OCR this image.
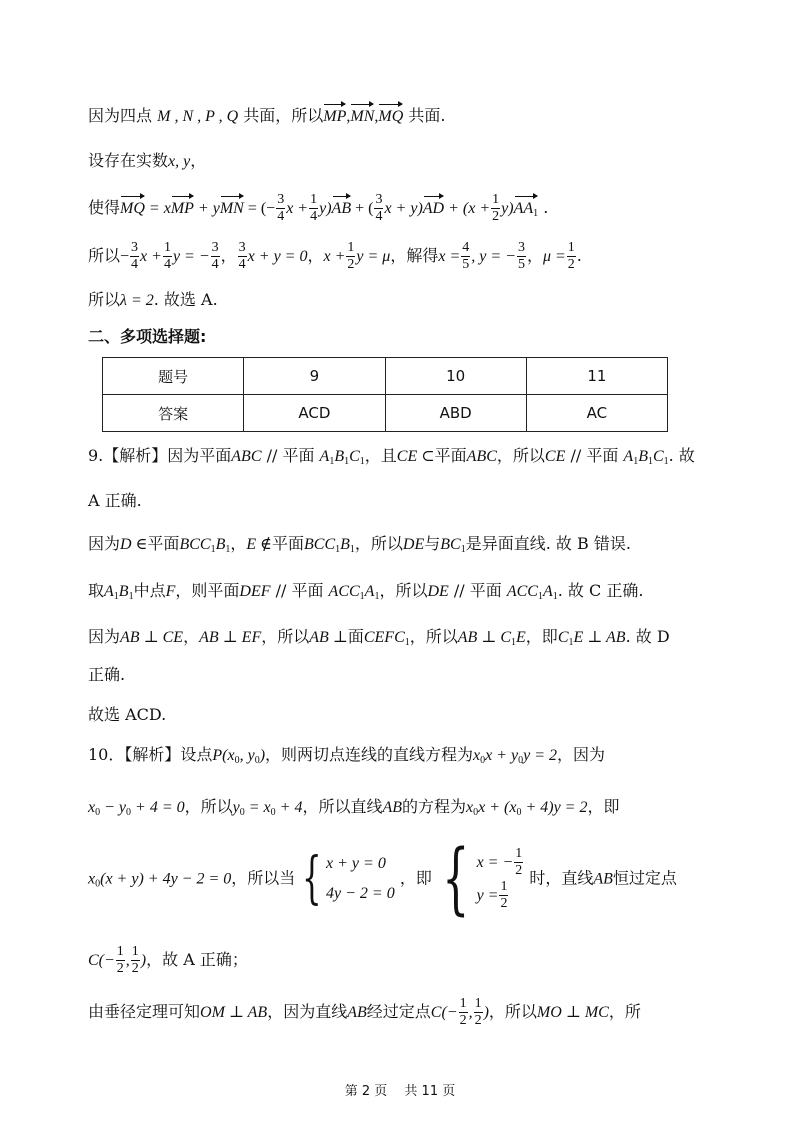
因为四点 M , N , P , Q 共面，所以MP,MN,MQ 共面.
设存在实数x, y，
使得MQ = xMP + yMN = (− $\frac{3}{4}$ $x + \frac{1}{4} y)AB$ + ( $\frac{3}{4}$ $x + y)AD + (x + \frac{1}{2} y)AA_1$ .
所以− $\frac{3}{4}$ $x + \frac{1}{4}$ y = − $\frac{3}{4}$ ， $\frac{3}{4}$ x + y = 0，$x + \frac{1}{2}$ y = μ，解得$x = \frac{4}{5}$ , y = − $\frac{3}{5}$ ，$\mu = \frac{1}{2}$ .
所以λ = 2. 故选 A.
二、多项选择题:
题号	9	10	11
答案	ACD	ABD	AC
9.【解析】因为平面ABC // 平面 $A_1B_1C_1$，且CE ⊂平面ABC，所以CE // 平面 $A_1B_1C_1$. 故
A 正确.
因为D ∈平面$BCC_1B_1$，E ∉平面$BCC_1B_1$，所以DE与$BC_1$是异面直线. 故 B 错误.
取$A_1B_1$中点F，则平面DEF // 平面 $ACC_1A_1$，所以DE // 平面 $ACC_1A_1$. 故 C 正确.
因为AB ⊥ CE，AB ⊥ EF，所以AB ⊥面$CEFC_1$，所以AB ⊥ $C_1E$，即$C_1E$ ⊥ AB. 故 D
正确.
故选 ACD.
10．【解析】设点$P(x_0$, $y_0$)，则两切点连线的直线方程为$x_0x + y_0y = 2$，因为
$x_0 - y_0 + 4 = 0$，所以$y_0 = x_0 + 4$，所以直线AB的方程为$x_0x + (x_0 + 4)y = 2$，即
$x_0(x + y) + 4y - 2 = 0$，所以当 { x + y = 0
4y − 2 = 0
，即 { x = − $\frac{1}{2}$
$y = \frac{1}{2}$
时，直线AB恒过定点
$C(- \frac{1}{2}$ , $\frac{1}{2}$ )，故 A 正确；
由垂径定理可知OM ⊥ AB，因为直线AB经过定点$C(- \frac{1}{2}$ , $\frac{1}{2}$ )，所以MO ⊥ MC，所
第 2 页　 共 11 页
